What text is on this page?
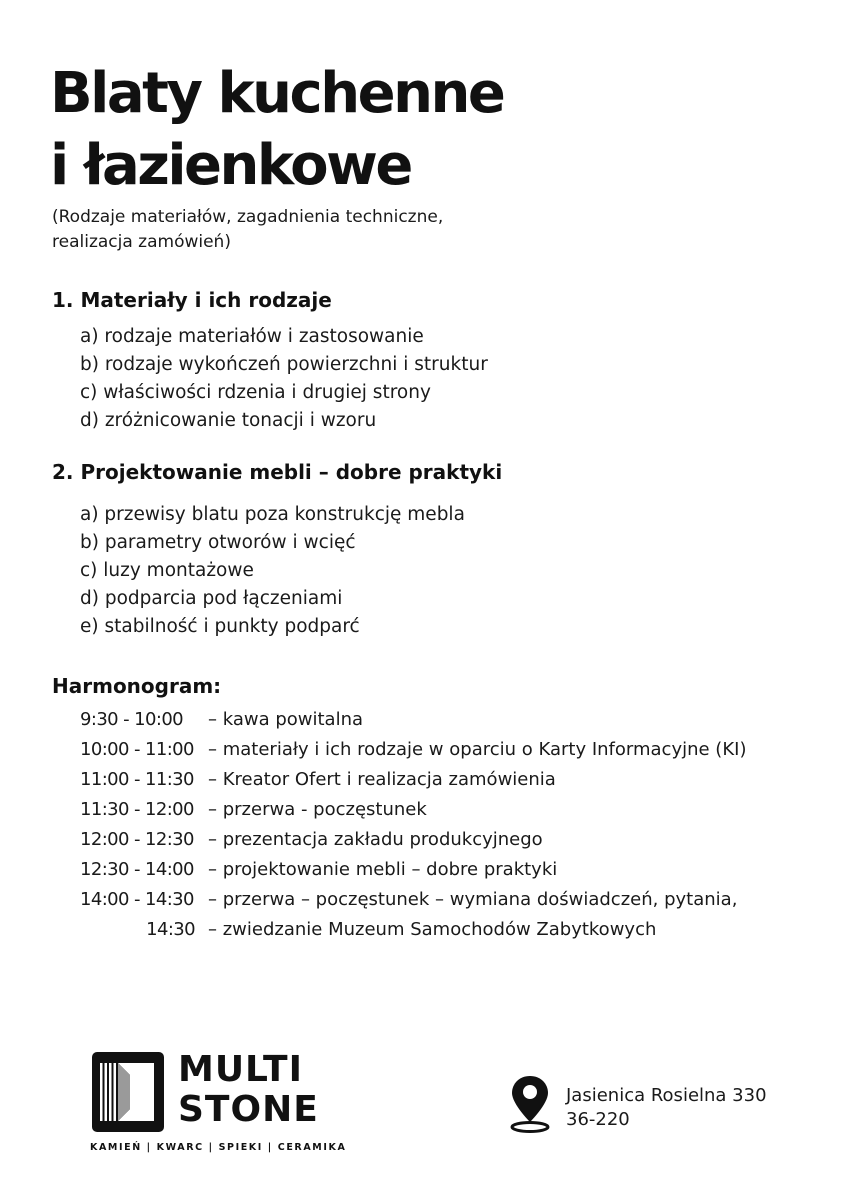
Blaty kuchenne
i łazienkowe

(Rodzaje materiałów, zagadnienia techniczne,
realizacja zamówień)

1. Materiały i ich rodzaje
a) rodzaje materiałów i zastosowanie
b) rodzaje wykończeń powierzchni i struktur
c) właściwości rdzenia i drugiej strony
d) zróżnicowanie tonacji i wzoru
2. Projektowanie mebli – dobre praktyki
a) przewisy blatu poza konstrukcję mebla
b) parametry otworów i wcięć
c) luzy montażowe
d) podparcia pod łączeniami
e) stabilność i punkty podparć
Harmonogram:
9:30 - 10:00	– kawa powitalna
10:00 - 11:00 – materiały i ich rodzaje w oparciu o Karty Informacyjne (KI)
11:00 - 11:30 – Kreator Ofert i realizacja zamówienia
11:30 - 12:00 – przerwa - poczęstunek
12:00 - 12:30 – prezentacja zakładu produkcyjnego
12:30 - 14:00 – projektowanie mebli – dobre praktyki
14:00 - 14:30 – przerwa – poczęstunek – wymiana doświadczeń, pytania,
14:30 – zwiedzanie Muzeum Samochodów Zabytkowych
MULTI
STONE
KAMIEŃ | KWARC | SPIEKI | CERAMIKA
Jasienica Rosielna 330
36-220
